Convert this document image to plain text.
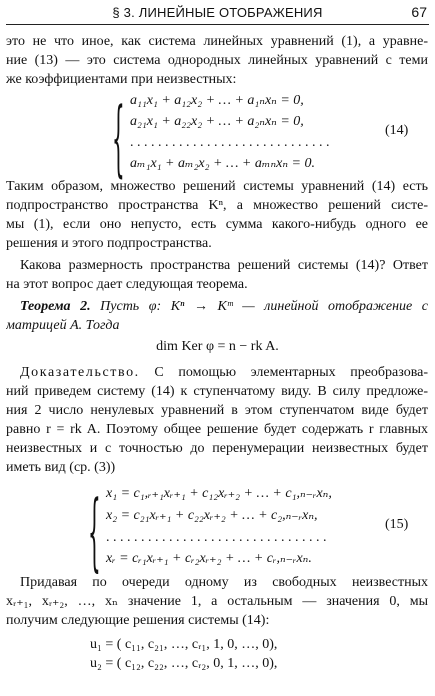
§ 3. ЛИНЕЙНЫЕ ОТОБРАЖЕНИЯ	67
это не что иное, как система линейных уравнений (1), а уравне-
ние (13) — это система однородных линейных уравнений с теми
же коэффициентами при неизвестных:
{ a₁₁x₁ + a₁₂x₂ + … + a₁ₙxₙ = 0,
a₂₁x₁ + a₂₂x₂ + … + a₂ₙxₙ = 0,
. . . . . . . . . . . . . . . . . . . . . . . . . . . . .
aₘ₁x₁ + aₘ₂x₂ + … + aₘₙxₙ = 0.
(14)
Таким образом, множество решений системы уравнений (14) есть
подпространство пространства Kⁿ, а множество решений систе-
мы (1), если оно непусто, есть сумма какого-нибудь одного ее
решения и этого подпространства.
Какова размерность пространства решений системы (14)? Ответ
на этот вопрос дает следующая теорема.
Теорема 2. Пусть φ: Kⁿ → Kᵐ — линейной отображение с
матрицей A. Тогда
dim Ker φ = n − rk A.
Доказательство. С помощью элементарных преобразова-
ний приведем систему (14) к ступенчатому виду. В силу предложе-
ния 2 число ненулевых уравнений в этом ступенчатом виде будет
равно r = rk A. Поэтому общее решение будет содержать r главных
неизвестных и с точностью до перенумерации неизвестных будет
иметь вид (ср. (3))
{ x₁ = c₁,ᵣ₊₁xᵣ₊₁ + c₁₂xᵣ₊₂ + … + c₁,ₙ₋ᵣxₙ,
x₂ = c₂₁xᵣ₊₁ + c₂₂xᵣ₊₂ + … + c₂,ₙ₋ᵣxₙ,
. . . . . . . . . . . . . . . . . . . . . . . . . . . . . . . .
xᵣ = cᵣ₁xᵣ₊₁ + cᵣ₂xᵣ₊₂ + … + cᵣ,ₙ₋ᵣxₙ.
(15)
Придавая по очереди одному из свободных неизвестных
xᵣ₊₁, xᵣ₊₂, …, xₙ значение 1, а остальным — значения 0, мы
получим следующие решения системы (14):
u₁ = ( c₁₁, c₂₁, …, cᵣ₁, 1, 0, …, 0),
u₂ = ( c₁₂, c₂₂, …, cᵣ₂, 0, 1, …, 0),
